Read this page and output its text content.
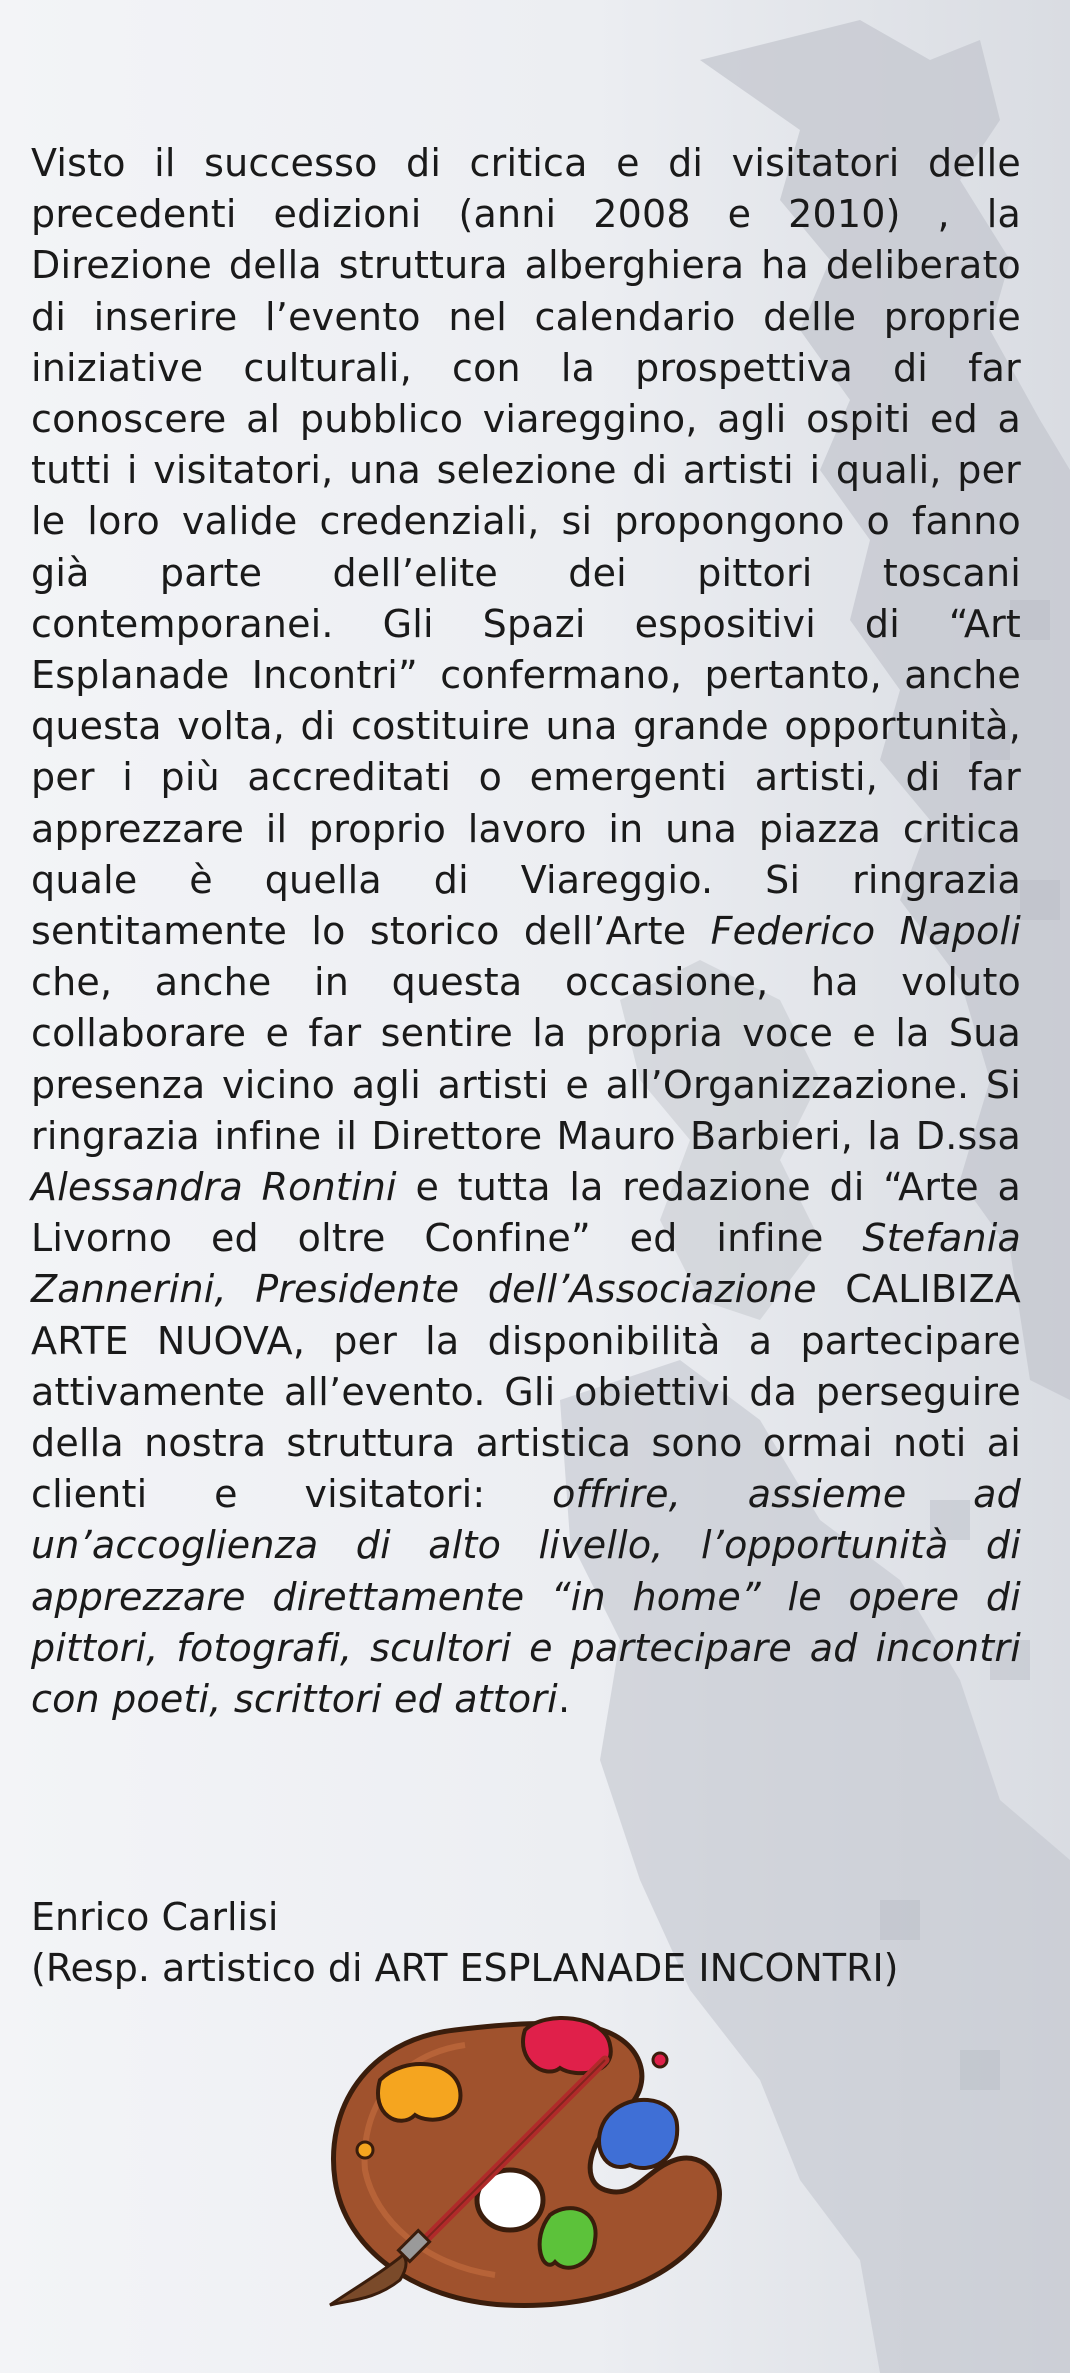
Visto il successo di critica e di visitatori delle precedenti edizioni (anni 2008 e 2010) , la Direzione della struttura alberghiera ha deliberato di inserire l’evento nel calendario delle proprie iniziative culturali, con la prospettiva di far conoscere al pubblico viareggino, agli ospiti ed a tutti i visitatori, una selezione di artisti i quali, per le loro valide credenziali, si propongono o fanno già parte dell’elite dei pittori toscani contemporanei. Gli Spazi espositivi di “Art Esplanade Incontri” confermano, pertanto, anche questa volta, di costituire una grande opportunità, per i più accreditati o emergenti artisti, di far apprezzare il proprio lavoro in una piazza critica quale è quella di Viareggio. Si ringrazia sentitamente lo storico dell’Arte Federico Napoli che, anche in questa occasione, ha voluto collaborare e far sentire la propria voce e la Sua presenza vicino agli artisti e all’Organizzazione. Si ringrazia infine il Direttore Mauro Barbieri, la D.ssa Alessandra Rontini e tutta la redazione di “Arte a Livorno ed oltre Confine” ed infine Stefania Zannerini, Presidente dell’Associazione CALIBIZA ARTE NUOVA, per la disponibilità a partecipare attivamente all’evento. Gli obiettivi da perseguire della nostra struttura artistica sono ormai noti ai clienti e visitatori: offrire, assieme ad un’accoglienza di alto livello, l’opportunità di apprezzare direttamente “in home” le opere di pittori, fotografi, scultori e partecipare ad incontri con poeti, scrittori ed attori.
Enrico Carlisi
(Resp. artistico di ART ESPLANADE INCONTRI)
